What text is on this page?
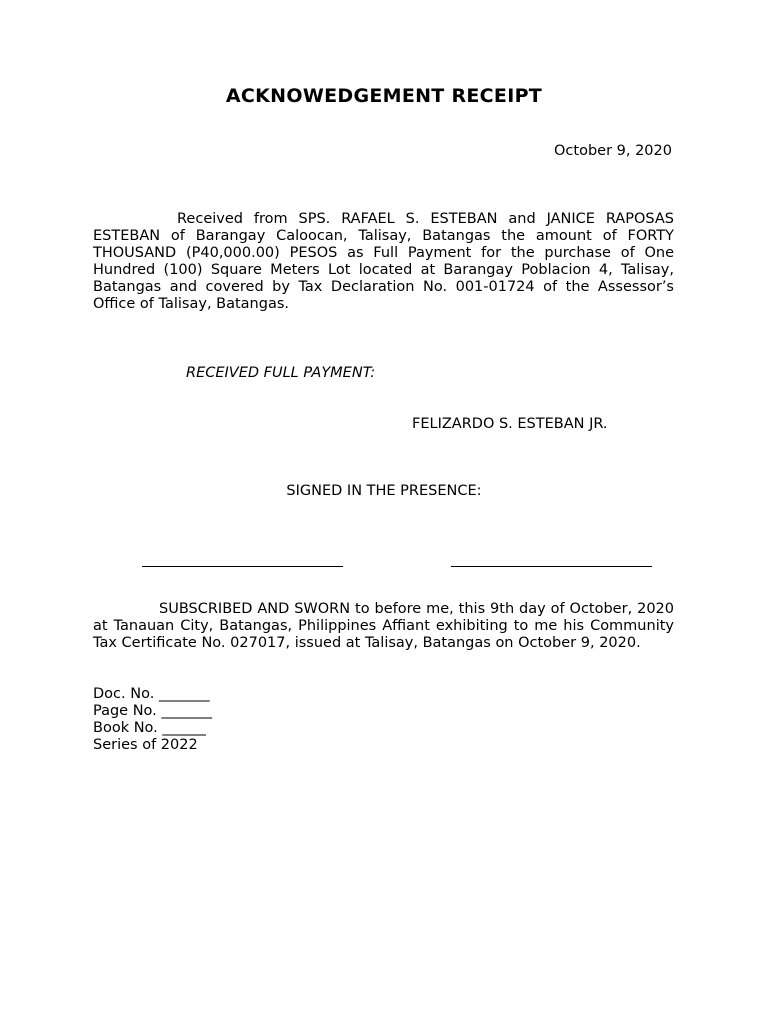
ACKNOWEDGEMENT RECEIPT
October 9, 2020
Received from SPS. RAFAEL S. ESTEBAN and JANICE RAPOSAS ESTEBAN of Barangay Caloocan, Talisay, Batangas the amount of FORTY THOUSAND (P40,000.00) PESOS as Full Payment for the purchase of One Hundred (100) Square Meters Lot located at Barangay Poblacion 4, Talisay, Batangas and covered by Tax Declaration No. 001-01724 of the Assessor’s Office of Talisay, Batangas.
RECEIVED FULL PAYMENT:
FELIZARDO S. ESTEBAN JR.
SIGNED IN THE PRESENCE:
SUBSCRIBED AND SWORN to before me, this 9th day of October, 2020 at Tanauan City, Batangas, Philippines Affiant exhibiting to me his Community Tax Certificate No. 027017, issued at Talisay, Batangas on October 9, 2020.
Doc. No. _______
Page No. _______
Book No. ______
Series of 2022
